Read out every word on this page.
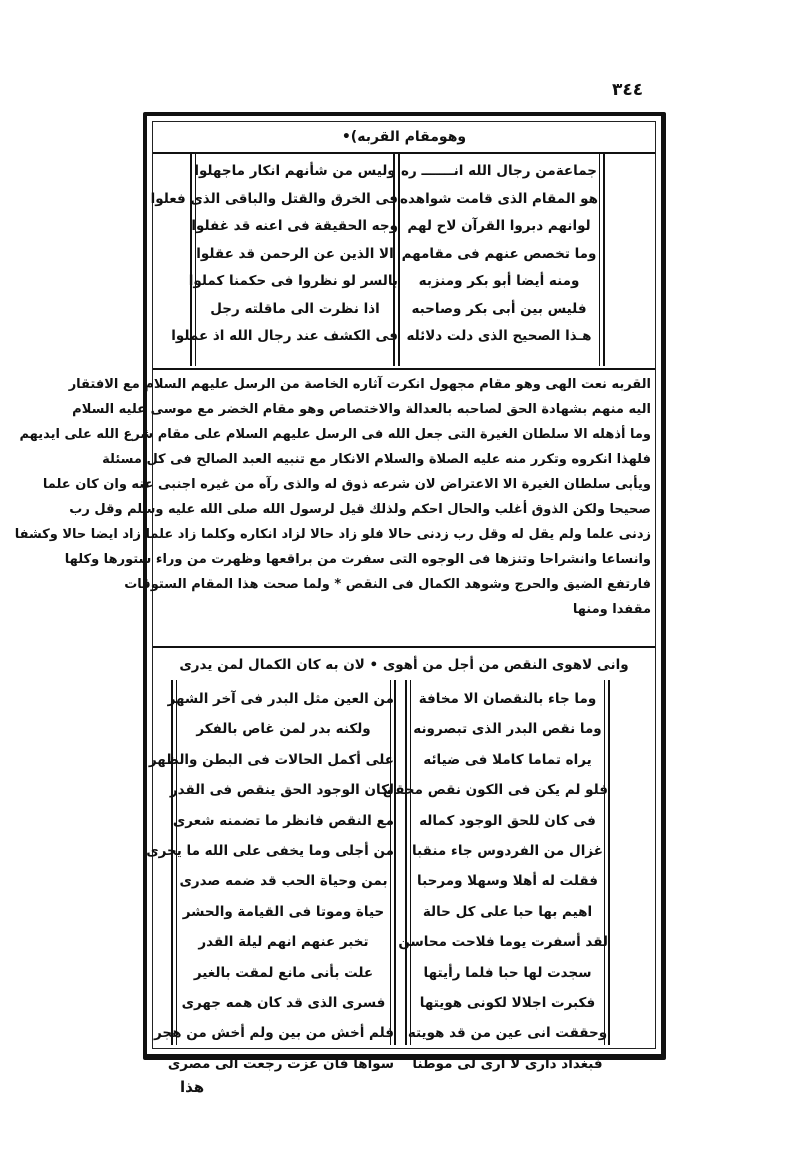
٣٤٤
وهومقام القربه)•
جماعةمن رجال الله انـــــــ ره
هو المقام الذى قامت شواهده
لوانهم دبروا القرآن لاح لهم
وما تخصص عنهم فى مقامهم
ومنه أيضا أبو بكر ومنزبه
فليس بين أبى بكر وصاحبه
هـذا الصحيح الذى دلت دلائله
وليس من شأنهم انكار ماجهلوا
فى الخرق والقتل والباقى الذى فعلوا
وجه الحقيقة فى اعنه قد غفلوا
الا الذين عن الرحمن قد عقلوا
بالسر لو نظروا فى حكمنا كملوا
اذا نظرت الى ماقلته رجل
فى الكشف عند رجال الله اذ عملوا
القربه نعت الهى وهو مقام مجهول انكرت آثاره الخاصة من الرسل عليهم السلام مع الافتقار
اليه منهم بشهادة الحق لصاحبه بالعدالة والاختصاص وهو مقام الخضر مع موسى عليه السلام
وما أذهله الا سلطان الغيرة التى جعل الله فى الرسل عليهم السلام على مقام شرع الله على ايديهم
فلهذا انكروه وتكرر منه عليه الصلاة والسلام الانكار مع تنبيه العبد الصالح فى كل مسئلة
ويأبى سلطان الغيرة الا الاعتراض لان شرعه ذوق له والذى رآه من غيره اجنبى عنه وان كان علما
صحيحا ولكن الذوق أغلب والحال احكم ولذلك قيل لرسول الله صلى الله عليه وسلم وقل رب
زدنى علما ولم يقل له وقل رب زدنى حالا فلو زاد حالا لزاد انكاره وكلما زاد علما زاد ايضا حالا وكشفا
وانساعا وانشراحا وتنزها فى الوجوه التى سفرت من براقعها وظهرت من وراء ستورها وكلها
فارتفع الضيق والحرج وشوهد الكمال فى النقص * ولما صحت هذا المقام الستوقات
مقفدا ومنها
وانى لاهوى النقص من أجل من أهوى • لان به كان الكمال لمن يدرى
وما جاء بالنقصان الا مخافة
وما نقص البدر الذى تبصرونه
يراه تماما كاملا فى ضيائه
فلو لم يكن فى الكون نقص محقق
فى كان للحق الوجود كماله
غزال من الفردوس جاء منقبا
فقلت له أهلا وسهلا ومرحبا
اهيم بها حبا على كل حالة
لقد أسفرت يوما فلاحت محاسن
سجدت لها حبا فلما رأيتها
فكبرت اجلالا لكونى هويتها
وحققت انى عين من قد هويته
فبغداد دارى لا أرى لى موطنا
من العين مثل البدر فى آخر الشهر
ولكنه بدر لمن غاص بالفكر
على أكمل الحالات فى البطن والظهر
لكان الوجود الحق ينقص فى القدر
مع النقص فانظر ما تضمنه شعرى
من أجلى وما يخفى على الله ما يجرى
بمن وحياة الحب قد ضمه صدرى
حياة وموتا فى القيامة والحشر
تخبر عنهم انهم ليلة القدر
علت بأنى مانع لمقت بالغير
فسرى الذى قد كان همه جهرى
فلم أخش من بين ولم أخش من هجر
سواها فان عزت رجعت الى مصرى
هذا
